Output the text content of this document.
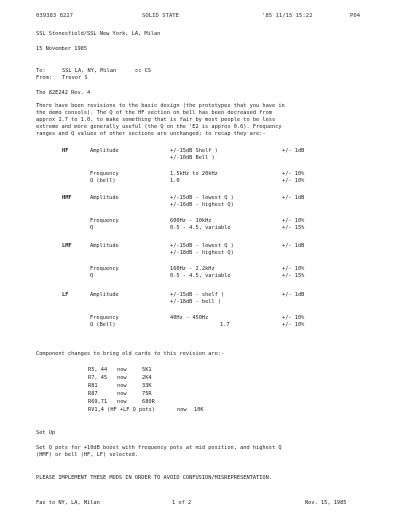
039383 8227	SOLID STATE	'85 11/15 15:22	P04
SSL Stonesfield/SSL New York, LA, Milan
15 November 1985
To:	SSL LA, NY, Milan	cc CS
From: Trevor S
The 82E242 Rev. 4
There have been revisions to the basic design (the prototypes that you have in
the demo consols). The Q of the HF section on bell has been decreased from
approx 1.7 to 1.0, to make something that is fair by most people to be less
extreme and more generally useful (the Q on the 'E2 is approx 0.6). Frequency
ranges and Q values of other sections are unchanged; to recap they are:-
HF	Amplitude	+/-15dB Shelf )	+/- 1dB
+/-10dB Bell )
Frequency	1.5kHz to 20kHz	+/- 10%
Q (bell)	1.0	+/- 10%
HMF	Amplitude	+/-15dB - lowest Q )	+/- 1dB
+/-16dB - highest Q)
Frequency	600Hz - 10kHz	+/- 10%
Q	0.5 - 4.5, variable	+/- 15%
LMF	Amplitude	+/-15dB - lowest Q )	+/- 1dB
+/-18dB - highest Q)
Frequency	160Hz - 2.2kHz	+/- 10%
Q	0.5 - 4.5, variable	+/- 15%
LF	Amplitude	+/-15dB - shelf )	+/- 1dB
+/-18dB - bell )
Frequency	40Hz - 450Hz	+/- 10%
Q (Bell)	1.7	+/- 10%
Component changes to bring old cards to this revision are:-
R5, 44 now	5K1
R7, 45 now	2K4
R81	now	33K
R87	now	75R
R69,71 now	680R
RV1,4 (HF +LF Q pots)	now 10K
Set Up
Set Q pots for +10dB boost with frequency pots at mid position, and highest Q
(HMF) or bell (HF, LF) selected.
PLEASE IMPLEMENT THESE MODS IN ORDER TO AVOID CONFUSION/MISREPRESENTATION.
Fax to NY, LA, Milan	1 of 2	Nov. 15, 1985
